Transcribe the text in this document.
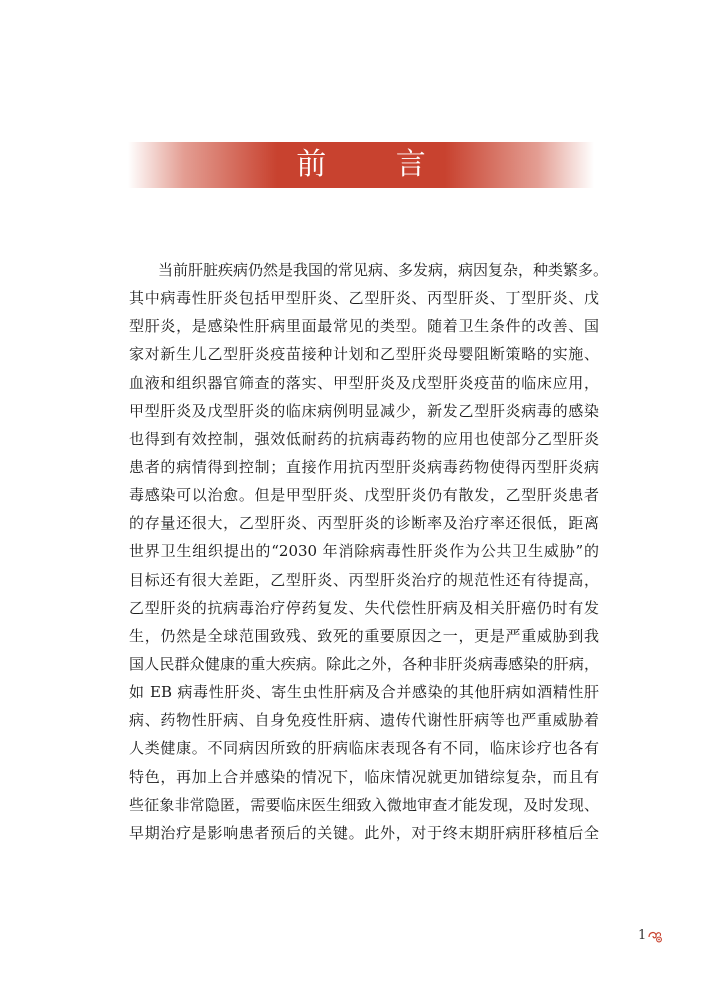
前 言
当前肝脏疾病仍然是我国的常见病、多发病，病因复杂，种类繁多。
其中病毒性肝炎包括甲型肝炎、乙型肝炎、丙型肝炎、丁型肝炎、戊
型肝炎，是感染性肝病里面最常见的类型。随着卫生条件的改善、国
家对新生儿乙型肝炎疫苗接种计划和乙型肝炎母婴阻断策略的实施、
血液和组织器官筛查的落实、甲型肝炎及戊型肝炎疫苗的临床应用，
甲型肝炎及戊型肝炎的临床病例明显减少，新发乙型肝炎病毒的感染
也得到有效控制，强效低耐药的抗病毒药物的应用也使部分乙型肝炎
患者的病情得到控制；直接作用抗丙型肝炎病毒药物使得丙型肝炎病
毒感染可以治愈。但是甲型肝炎、戊型肝炎仍有散发，乙型肝炎患者
的存量还很大，乙型肝炎、丙型肝炎的诊断率及治疗率还很低，距离
世界卫生组织提出的“2030 年消除病毒性肝炎作为公共卫生威胁”的
目标还有很大差距，乙型肝炎、丙型肝炎治疗的规范性还有待提高，
乙型肝炎的抗病毒治疗停药复发、失代偿性肝病及相关肝癌仍时有发
生，仍然是全球范围致残、致死的重要原因之一，更是严重威胁到我
国人民群众健康的重大疾病。除此之外，各种非肝炎病毒感染的肝病，
如 EB 病毒性肝炎、寄生虫性肝病及合并感染的其他肝病如酒精性肝
病、药物性肝病、自身免疫性肝病、遗传代谢性肝病等也严重威胁着
人类健康。不同病因所致的肝病临床表现各有不同，临床诊疗也各有
特色，再加上合并感染的情况下，临床情况就更加错综复杂，而且有
些征象非常隐匿，需要临床医生细致入微地审查才能发现，及时发现、
早期治疗是影响患者预后的关键。此外，对于终末期肝病肝移植后全
1
